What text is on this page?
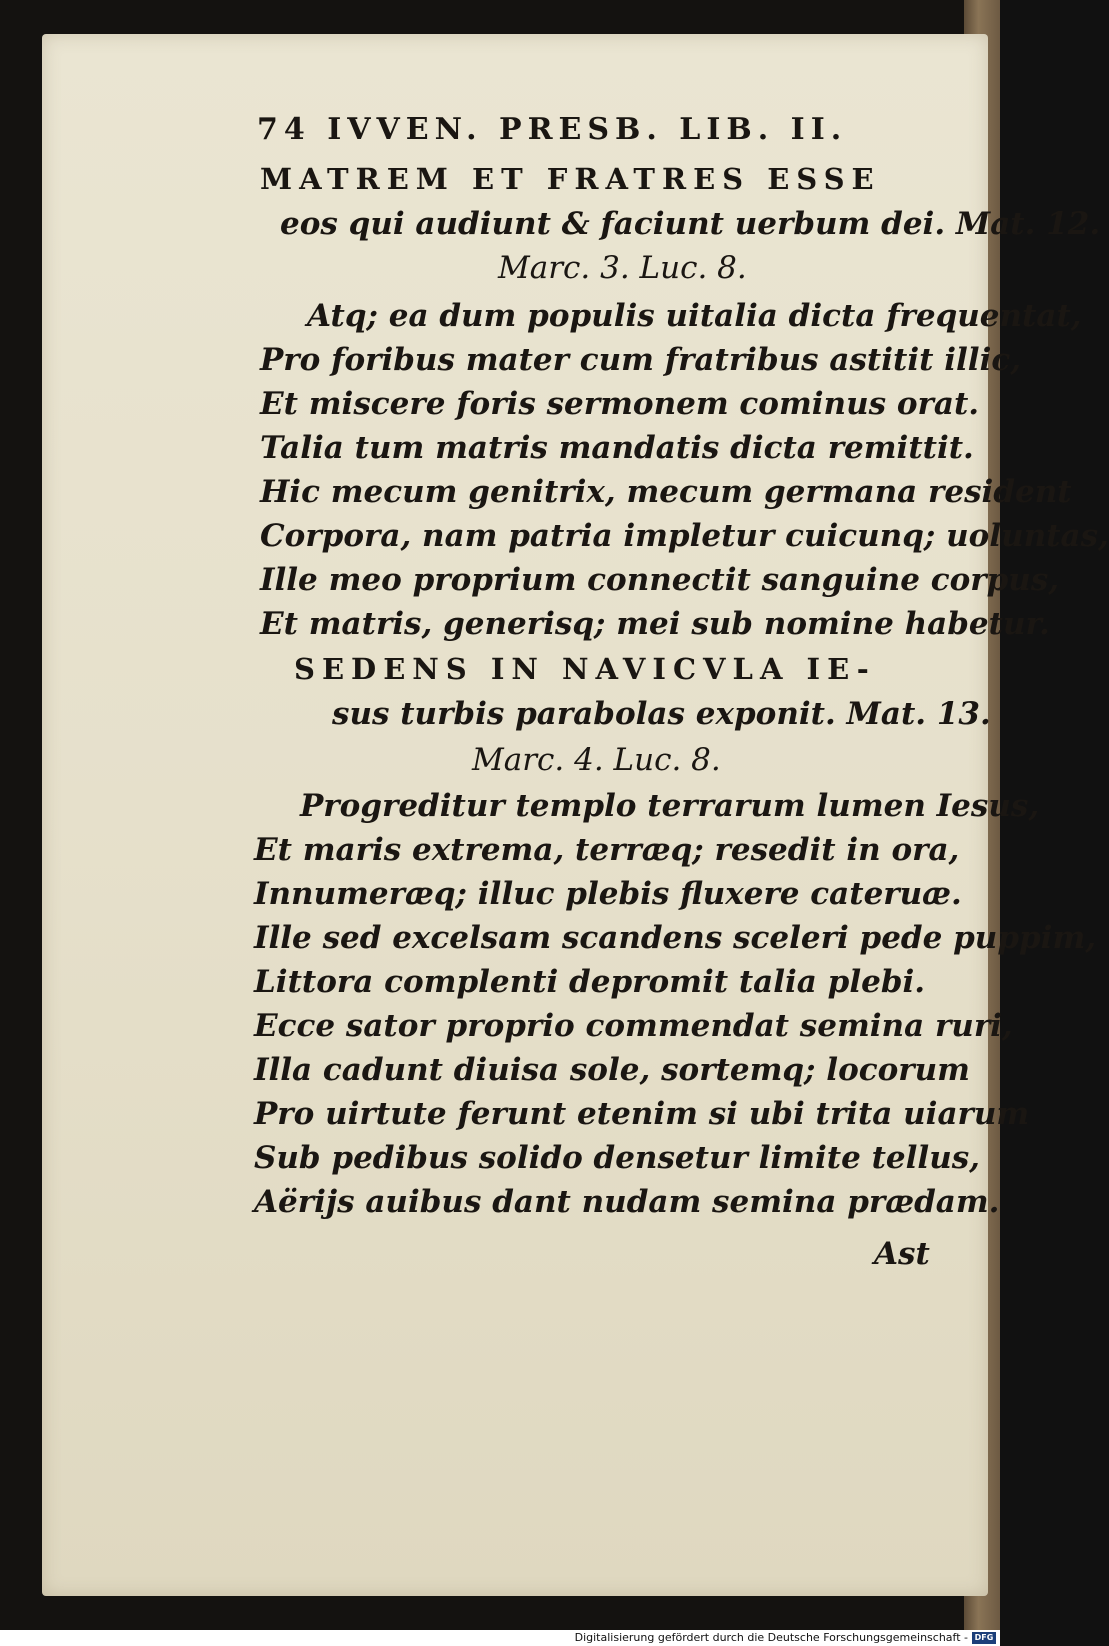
74 IVVEN. PRESB. LIB. II.
MATREM ET FRATRES ESSE
eos qui audiunt & faciunt uerbum dei. Mat. 12.
Marc. 3. Luc. 8.
Atq; ea dum populis uitalia dicta frequentat,
Pro foribus mater cum fratribus astitit illic,
Et miscere foris sermonem cominus orat.
Talia tum matris mandatis dicta remittit.
Hic mecum genitrix, mecum germana resident
Corpora, nam patria impletur cuicunq; uoluntas,
Ille meo proprium connectit sanguine corpus,
Et matris, generisq; mei sub nomine habetur.
SEDENS IN NAVICVLA IE-
sus turbis parabolas exponit. Mat. 13.
Marc. 4. Luc. 8.
Progreditur templo terrarum lumen Iesus,
Et maris extrema, terræq; resedit in ora,
Innumeræq; illuc plebis fluxere cateruæ.
Ille sed excelsam scandens sceleri pede puppim,
Littora complenti depromit talia plebi.
Ecce sator proprio commendat semina ruri,
Illa cadunt diuisa sole, sortemq; locorum
Pro uirtute ferunt etenim si ubi trita uiarum
Sub pedibus solido densetur limite tellus,
Aërijs auibus dant nudam semina prædam.
Ast
Digitalisierung gefördert durch die Deutsche Forschungsgemeinschaft - DFG
